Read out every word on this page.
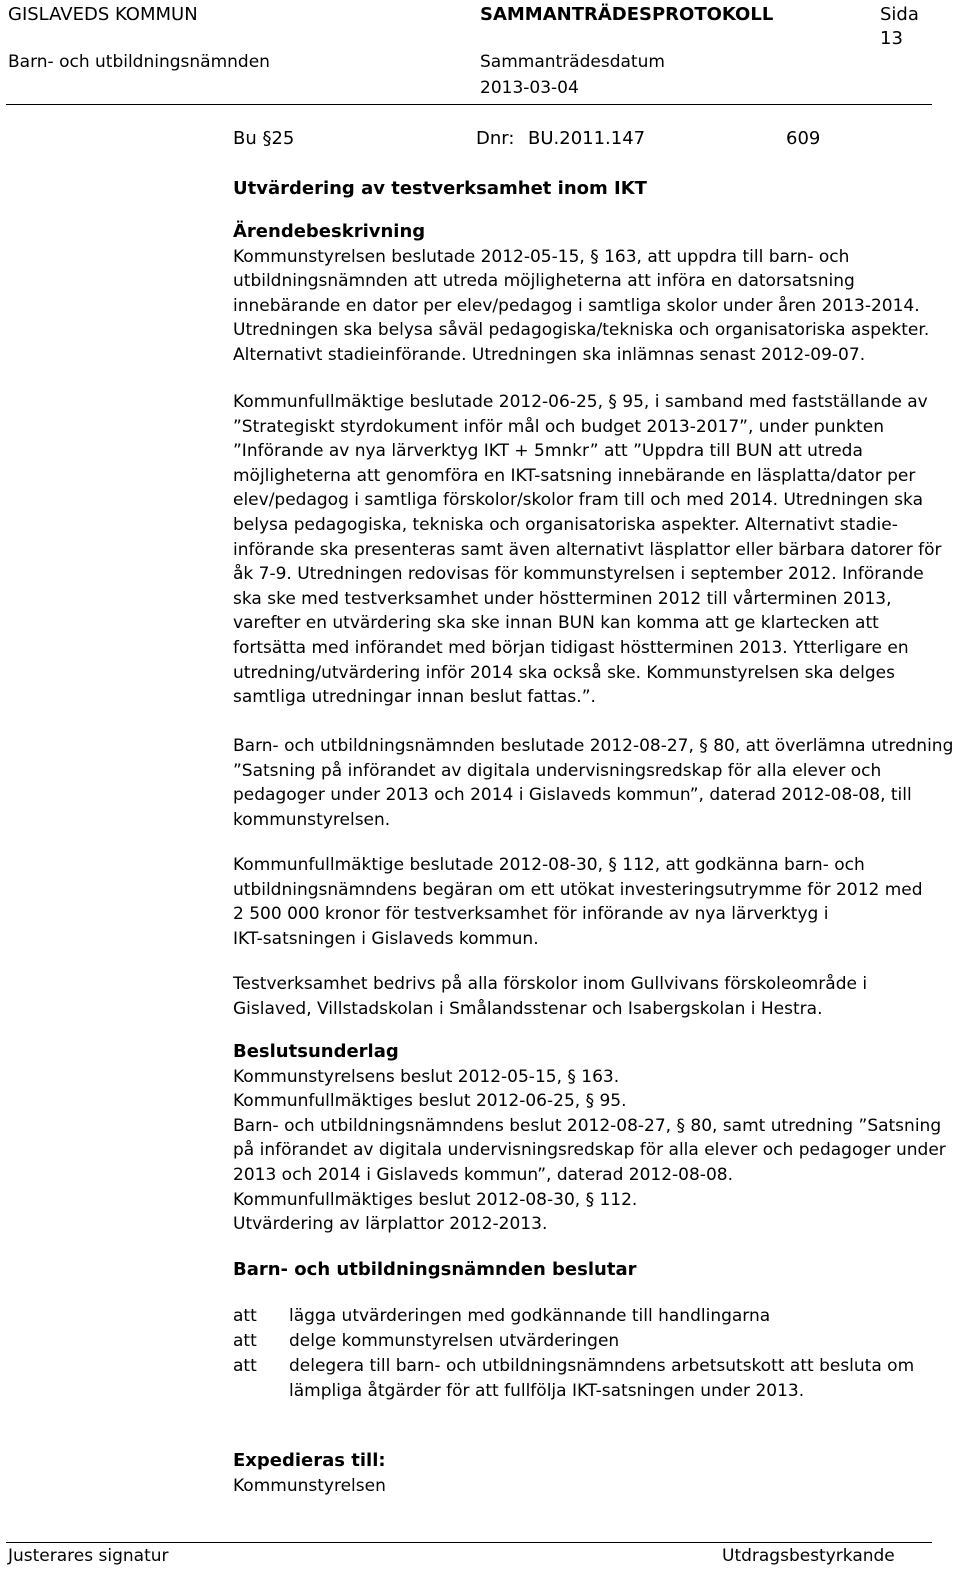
GISLAVEDS KOMMUN	SAMMANTRÄDESPROTOKOLL	Sida
13
Barn- och utbildningsnämnden	Sammanträdesdatum
2013-03-04
Bu §25	Dnr: BU.2011.147	609
Utvärdering av testverksamhet inom IKT
Ärendebeskrivning
Kommunstyrelsen beslutade 2012-05-15, § 163, att uppdra till barn- och
utbildningsnämnden att utreda möjligheterna att införa en datorsatsning
innebärande en dator per elev/pedagog i samtliga skolor under åren 2013-2014.
Utredningen ska belysa såväl pedagogiska/tekniska och organisatoriska aspekter.
Alternativt stadieinförande. Utredningen ska inlämnas senast 2012-09-07.
Kommunfullmäktige beslutade 2012-06-25, § 95, i samband med fastställande av
”Strategiskt styrdokument inför mål och budget 2013-2017”, under punkten
”Införande av nya lärverktyg IKT + 5mnkr” att ”Uppdra till BUN att utreda
möjligheterna att genomföra en IKT-satsning innebärande en läsplatta/dator per
elev/pedagog i samtliga förskolor/skolor fram till och med 2014. Utredningen ska
belysa pedagogiska, tekniska och organisatoriska aspekter. Alternativt stadie-
införande ska presenteras samt även alternativt läsplattor eller bärbara datorer för
åk 7-9. Utredningen redovisas för kommunstyrelsen i september 2012. Införande
ska ske med testverksamhet under höstterminen 2012 till vårterminen 2013,
varefter en utvärdering ska ske innan BUN kan komma att ge klartecken att
fortsätta med införandet med början tidigast höstterminen 2013. Ytterligare en
utredning/utvärdering inför 2014 ska också ske. Kommunstyrelsen ska delges
samtliga utredningar innan beslut fattas.”.
Barn- och utbildningsnämnden beslutade 2012-08-27, § 80, att överlämna utredning
”Satsning på införandet av digitala undervisningsredskap för alla elever och
pedagoger under 2013 och 2014 i Gislaveds kommun”, daterad 2012-08-08, till
kommunstyrelsen.
Kommunfullmäktige beslutade 2012-08-30, § 112, att godkänna barn- och
utbildningsnämndens begäran om ett utökat investeringsutrymme för 2012 med
2 500 000 kronor för testverksamhet för införande av nya lärverktyg i
IKT-satsningen i Gislaveds kommun.
Testverksamhet bedrivs på alla förskolor inom Gullvivans förskoleområde i
Gislaved, Villstadskolan i Smålandsstenar och Isabergskolan i Hestra.
Beslutsunderlag
Kommunstyrelsens beslut 2012-05-15, § 163.
Kommunfullmäktiges beslut 2012-06-25, § 95.
Barn- och utbildningsnämndens beslut 2012-08-27, § 80, samt utredning ”Satsning
på införandet av digitala undervisningsredskap för alla elever och pedagoger under
2013 och 2014 i Gislaveds kommun”, daterad 2012-08-08.
Kommunfullmäktiges beslut 2012-08-30, § 112.
Utvärdering av lärplattor 2012-2013.
Barn- och utbildningsnämnden beslutar
att lägga utvärderingen med godkännande till handlingarna
att delge kommunstyrelsen utvärderingen
att delegera till barn- och utbildningsnämndens arbetsutskott att besluta om lämpliga åtgärder för att fullfölja IKT-satsningen under 2013.
Expedieras till:
Kommunstyrelsen
Justerares signatur	Utdragsbestyrkande
